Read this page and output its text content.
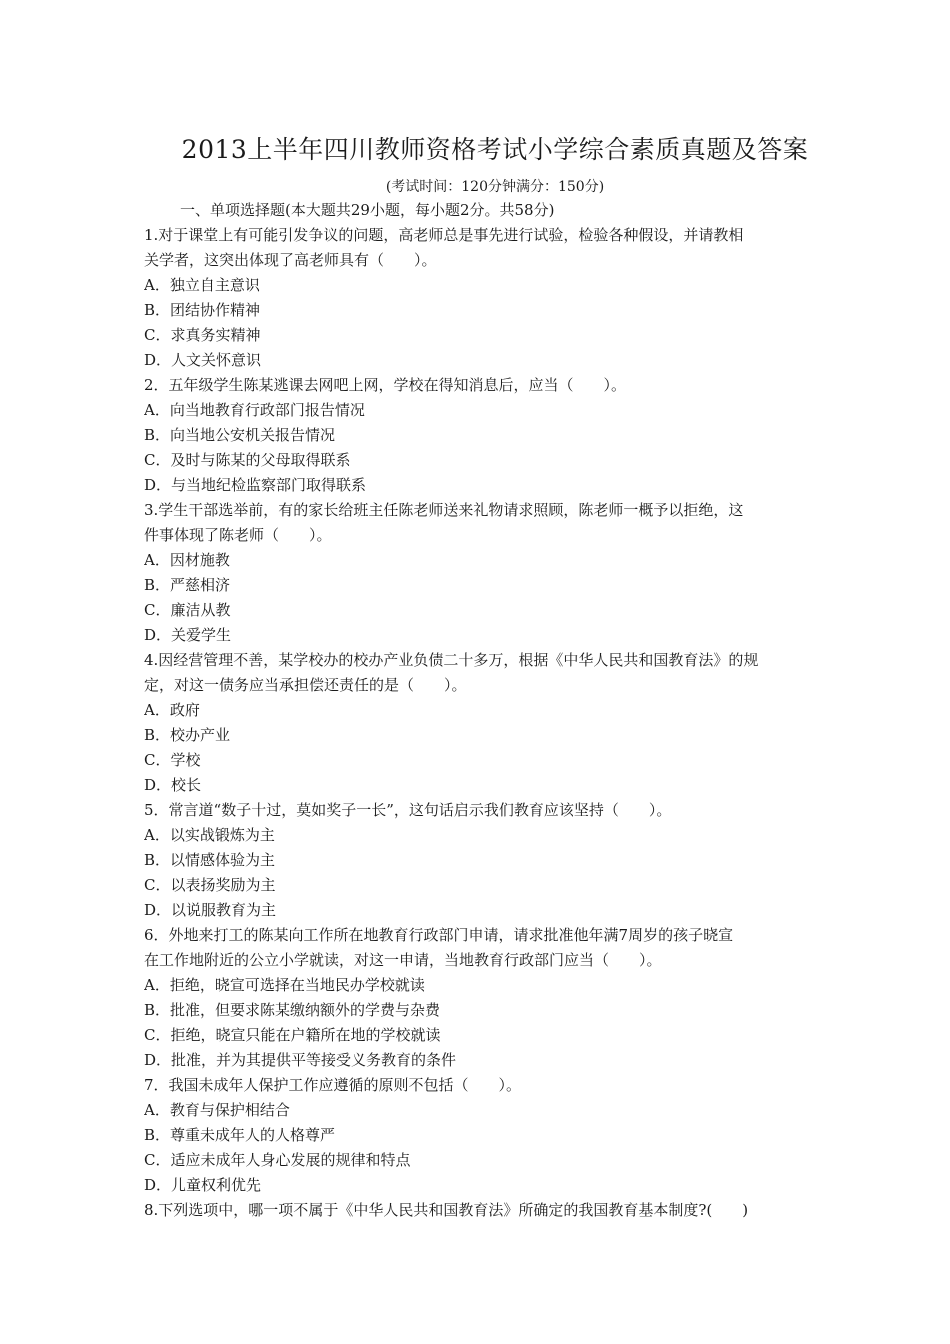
2013上半年四川教师资格考试小学综合素质真题及答案
(考试时间：120分钟满分：150分)
一、单项选择题(本大题共29小题，每小题2分。共58分)
1.对于课堂上有可能引发争议的问题，高老师总是事先进行试验，检验各种假设，并请教相
关学者，这突出体现了高老师具有（　　）。
A．独立自主意识
B．团结协作精神
C．求真务实精神
D．人文关怀意识
2．五年级学生陈某逃课去网吧上网，学校在得知消息后，应当（　　）。
A．向当地教育行政部门报告情况
B．向当地公安机关报告情况
C．及时与陈某的父母取得联系
D．与当地纪检监察部门取得联系
3.学生干部选举前，有的家长给班主任陈老师送来礼物请求照顾，陈老师一概予以拒绝，这
件事体现了陈老师（　　）。
A．因材施教
B．严慈相济
C．廉洁从教
D．关爱学生
4.因经营管理不善，某学校办的校办产业负债二十多万，根据《中华人民共和国教育法》的规
定，对这一债务应当承担偿还责任的是（　　）。
A．政府
B．校办产业
C．学校
D．校长
5．常言道“数子十过，莫如奖子一长”，这句话启示我们教育应该坚持（　　）。
A．以实战锻炼为主
B．以情感体验为主
C．以表扬奖励为主
D．以说服教育为主
6．外地来打工的陈某向工作所在地教育行政部门申请，请求批准他年满7周岁的孩子晓宣
在工作地附近的公立小学就读，对这一申请，当地教育行政部门应当（　　）。
A．拒绝，晓宣可选择在当地民办学校就读
B．批准，但要求陈某缴纳额外的学费与杂费
C．拒绝，晓宣只能在户籍所在地的学校就读
D．批准，并为其提供平等接受义务教育的条件
7．我国未成年人保护工作应遵循的原则不包括（　　）。
A．教育与保护相结合
B．尊重未成年人的人格尊严
C．适应未成年人身心发展的规律和特点
D．儿童权利优先
8.下列选项中，哪一项不属于《中华人民共和国教育法》所确定的我国教育基本制度?(　　)
